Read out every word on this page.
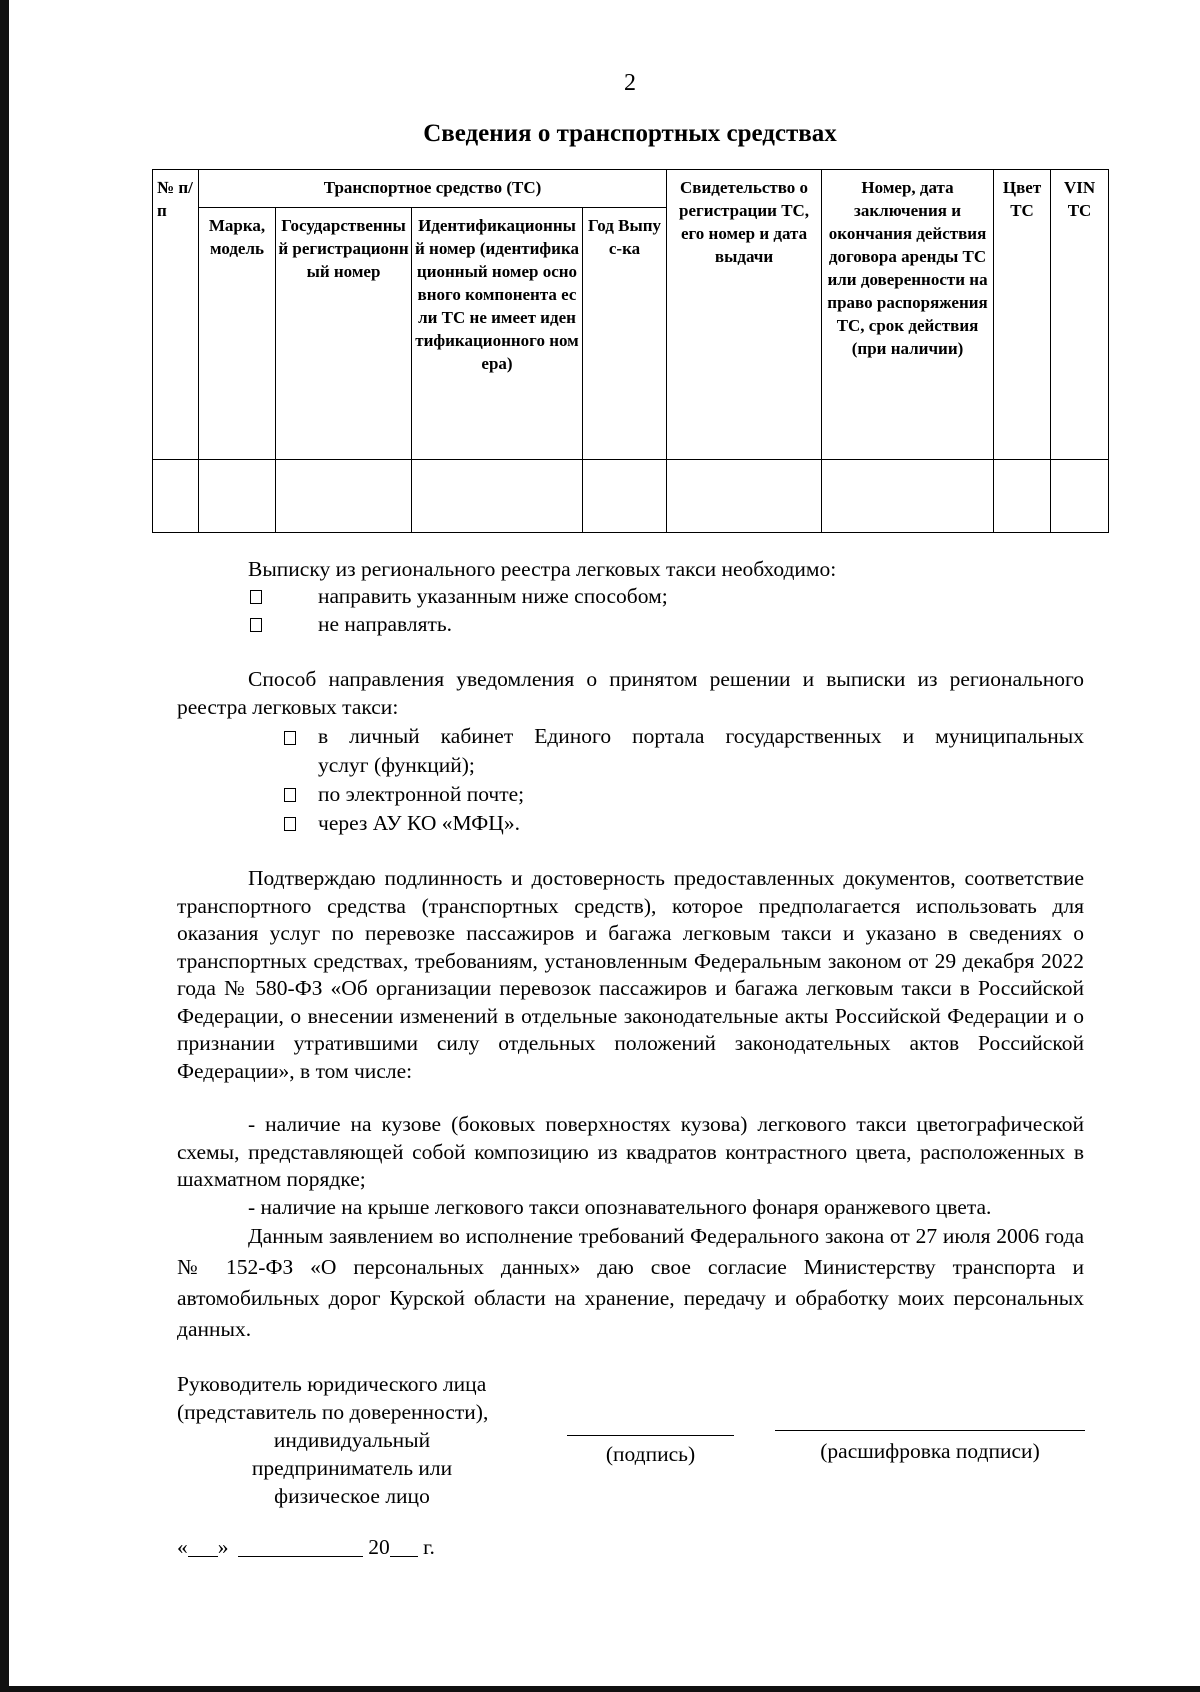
2
Сведения о транспортных средствах
№ п/п	Транспортное средство (ТС)				Свидетельство о регистрации ТС, его номер и дата выдачи	Номер, дата заключения и окончания действия договора аренды ТС или доверенности на право распоряжения ТС, срок действия (при наличии)	Цвет ТС	VIN ТС
	Марка, модель	Государственный регистрационный номер	Идентификационный номер (идентификационный номер основного компонента если ТС не имеет идентификационного номера)	Год Выпус-ка				

Выписку из регионального реестра легковых такси необходимо:
направить указанным ниже способом;
не направлять.
Способ направления уведомления о принятом решении и выписки из регионального реестра легковых такси:
в личный кабинет Единого портала государственных и муниципальных
услуг (функций);
по электронной почте;
через АУ КО «МФЦ».
Подтверждаю подлинность и достоверность предоставленных документов, соответствие транспортного средства (транспортных средств), которое предполагается использовать для оказания услуг по перевозке пассажиров и багажа легковым такси и указано в сведениях о транспортных средствах, требованиям, установленным Федеральным законом от 29 декабря 2022 года № 580-ФЗ «Об организации перевозок пассажиров и багажа легковым такси в Российской Федерации, о внесении изменений в отдельные законодательные акты Российской Федерации и о признании утратившими силу отдельных положений законодательных актов Российской Федерации», в том числе:
- наличие на кузове (боковых поверхностях кузова) легкового такси цветографической схемы, представляющей собой композицию из квадратов контрастного цвета, расположенных в шахматном порядке;
- наличие на крыше легкового такси опознавательного фонаря оранжевого цвета.
Данным заявлением во исполнение требований Федерального закона от 27 июля 2006 года № 152-ФЗ «О персональных данных» даю свое согласие Министерству транспорта и автомобильных дорог Курской области на хранение, передачу и обработку моих персональных данных.
Руководитель юридического лица
(представитель по доверенности),
индивидуальный
предприниматель или
физическое лицо
(подпись)	(расшифровка подписи)
« »	20 г.
